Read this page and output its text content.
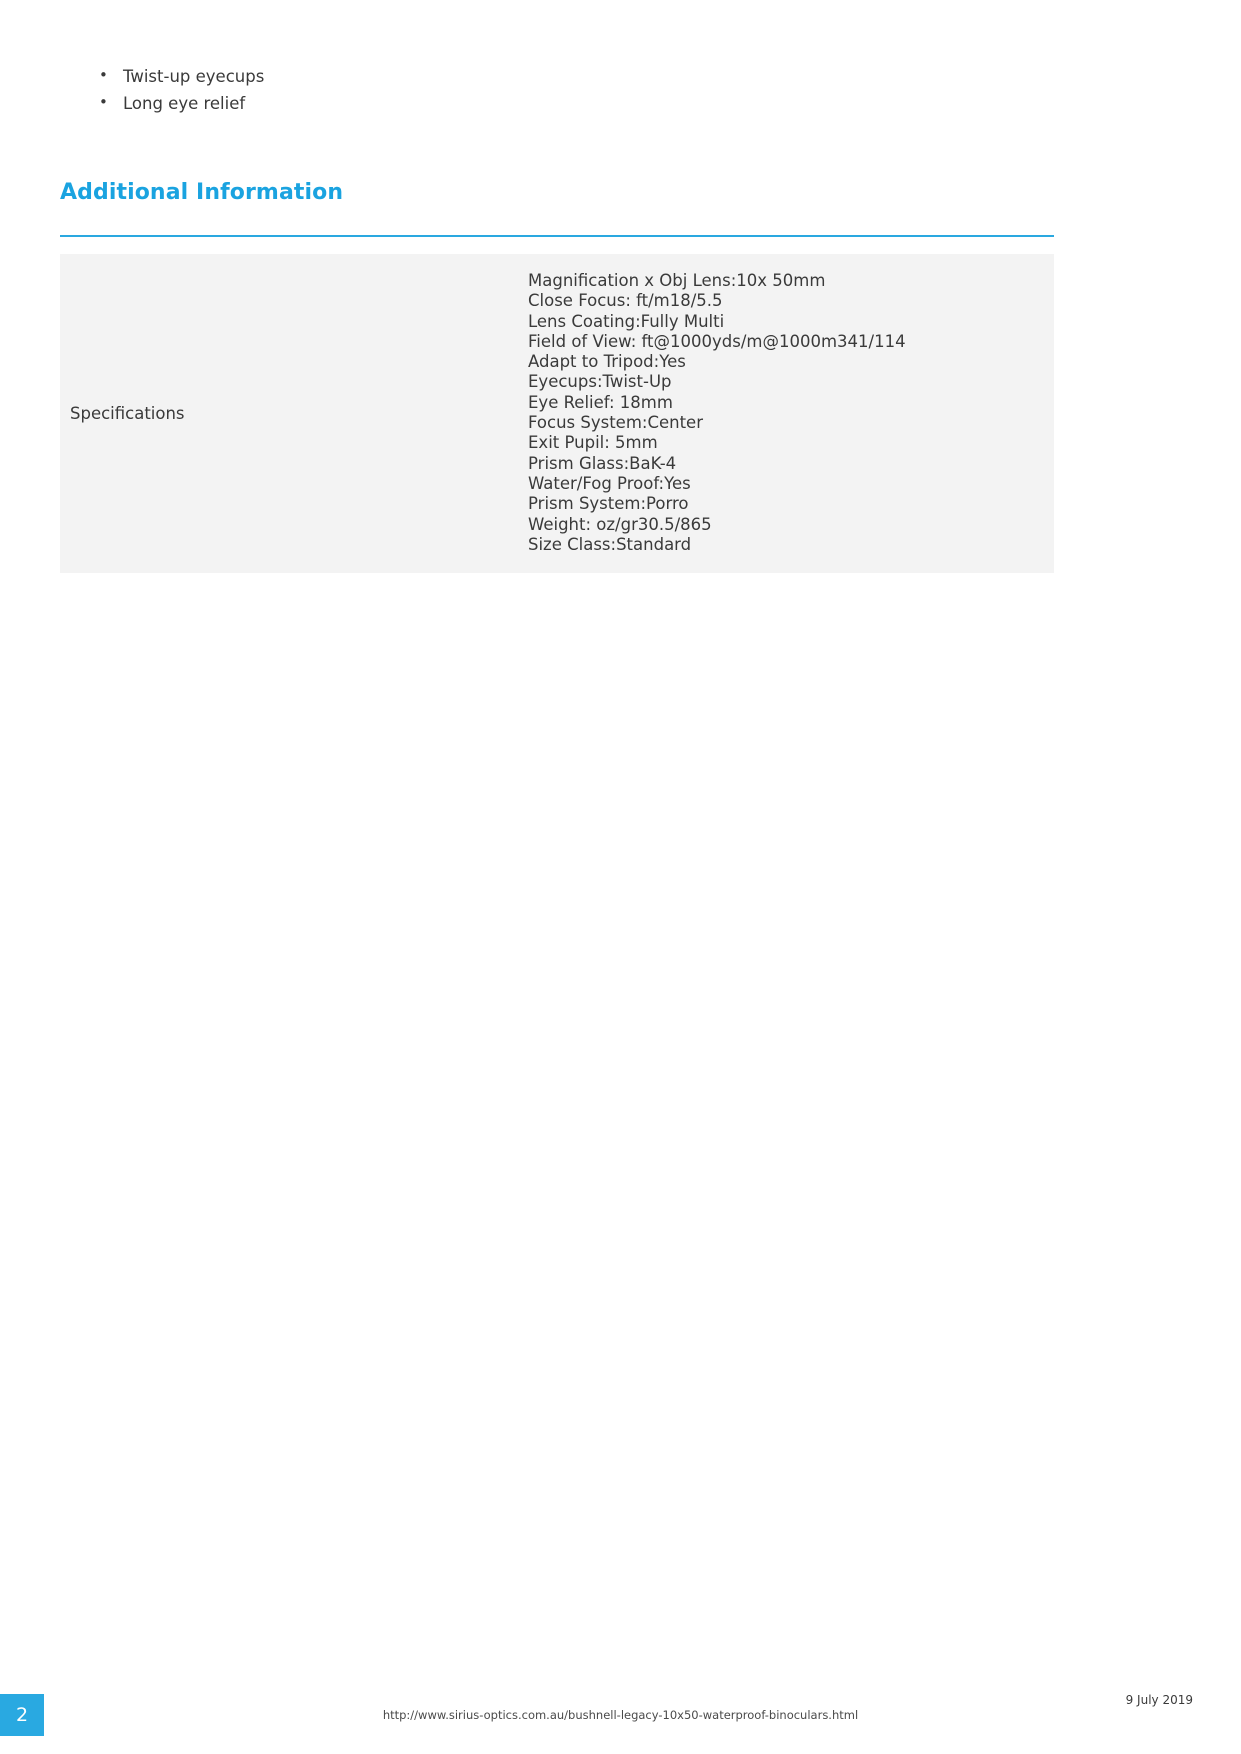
• Twist-up eyecups
• Long eye relief
Additional Information
Specifications
Magnification x Obj Lens:10x 50mm
Close Focus: ft/m18/5.5
Lens Coating:Fully Multi
Field of View: ft@1000yds/m@1000m341/114
Adapt to Tripod:Yes
Eyecups:Twist-Up
Eye Relief: 18mm
Focus System:Center
Exit Pupil: 5mm
Prism Glass:BaK-4
Water/Fog Proof:Yes
Prism System:Porro
Weight: oz/gr30.5/865
Size Class:Standard
2	http://www.sirius-optics.com.au/bushnell-legacy-10x50-waterproof-binoculars.html
9 July 2019
